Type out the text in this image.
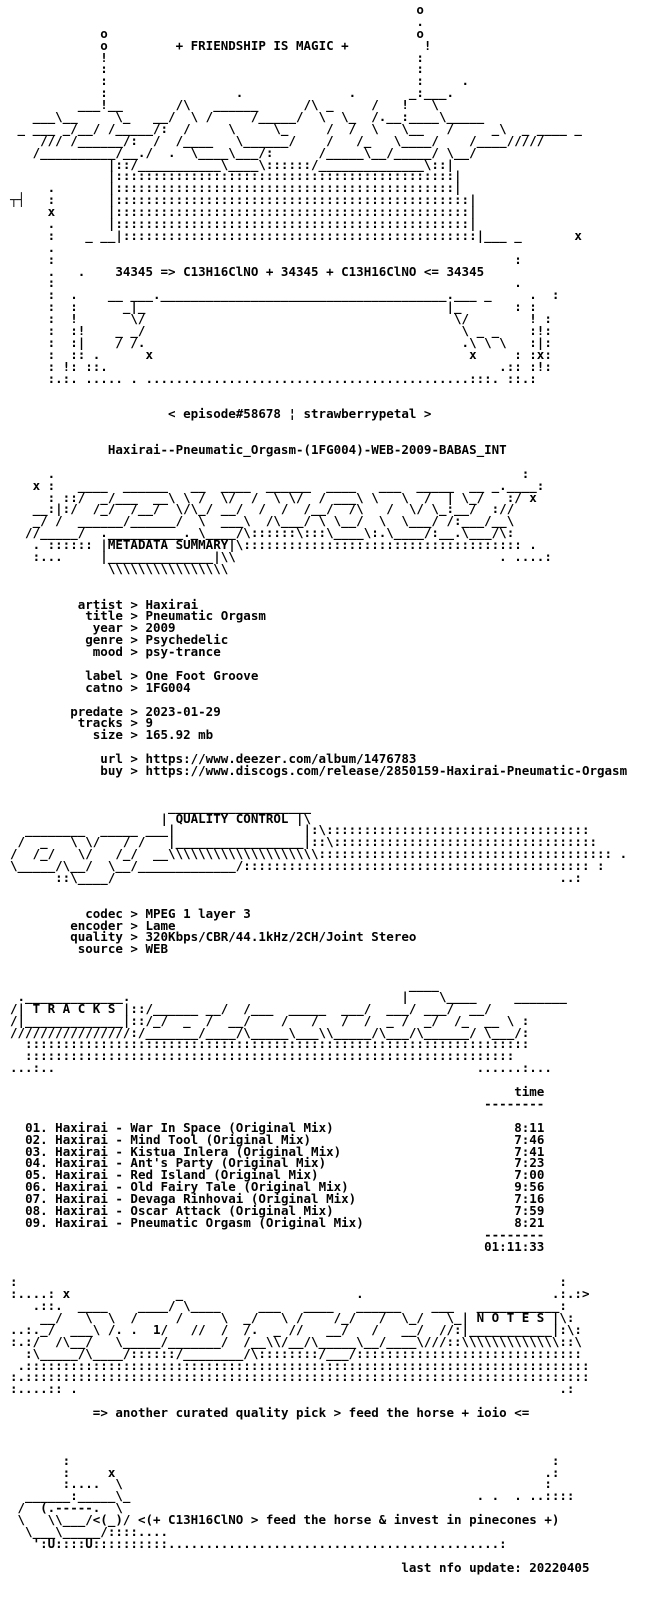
o
.
o                                         o
o         + FRIENDSHIP IS MAGIC +          !
!                                         :
:                                         :
:                                         :     .
:                 .              .       _:___.
___!__       /\   ______      /\ _     /   !   \
___\__     \_   __/  \ /     /_____/  \  \_  /.__:____\_____
_ ___ _/__/ /_____/:  /     \     \_     /  /  \   \__   /     _\  _ ____ _
/// /______/:  /  /____   \______/    /   /_   \____/    /____/////
/__________/__./  .  \____\___/:      /_____\__/_____/ \__/
|::/___________\____\::::::/______________\::|
|:::::::::::::::::::::::::::::::::::::::::::::|
.       |:::::::::::::::::::::::::::::::::::::::::::::|
┬┤   :       |:::::::::::::::::::::::::::::::::::::::::::::::|
x       |:::::::::::::::::::::::::::::::::::::::::::::::|
.       |:::::::::::::::::::::::::::::::::::::::::::::::|
:    _ __|:::::::::::::::::::::::::::::::::::::::::::::::|___ _       x
.
:                                                             :
.   .    34345 => C13H16ClNO + 34345 + C13H16ClNO <= 34345
:                                                             .
:  .    __ ___.______________________________________.___ _     .  :
:  :      _|_                                        |_       : :
:  !       \/                                         \/        ! :
:  :!    _ _/                                          \ _ _    :!:
:  :|    / /.                                          .\ \ \   :|:
:  :: .      x                                          x     : :x:
: !: ::.                                                    .:: :!:
:.:. ..... . ...........................................:::. ::.:

< episode#58678 ¦ strawberrypetal >

Haxirai--Pneumatic_Orgasm-(1FG004)-WEB-2009-BABAS_INT

.                                                              :
x :   ____  ______   __  ____  ______  ____   ___  _____  __ _.____:
: ::/  _/___  __\ \ /  \/  /  \ \/  / ___\ \   \  /  | \_/   :/ x
__:|:/  /_/  /__/  \/\_/ __/  /  /  /__/  /\   /  \/ \_:__/  ://
_/ /  ______/______/  \  ___\  /\___/ \ \__/  \  \___/ /:___/__\
//_____/  .__________._\____/\::::::\:::\____\:.\____/:__.\___/\:
. :::::: |METADATA SUMMARY|\::::::::::::::::::::::::::::::::::::: .
:...     |______________|\\                                   . ....:
\\\\\\\\\\\\\\\\

artist > Haxirai
title > Pneumatic Orgasm
year > 2009
genre > Psychedelic
mood > psy-trance

label > One Foot Groove
catno > 1FG004

predate > 2023-01-29
tracks > 9
size > 165.92 mb

url > https://www.deezer.com/album/1476783
buy > https://www.discogs.com/release/2850159-Haxirai-Pneumatic-Orgasm

___________________
| QUALITY CONTROL |\
________  _____ ___|                 |:\:::::::::::::::::::::::::::::::::::
/  _   \ \/   / /   |_________________|::\:::::::::::::::::::::::::::::::::::
/  /_/   \/   /_/  __\\\\\\\\\\\\\\\\\\\\::::::::::::::::::::::::::::::::::::::: .
\_____/\__/  \__/_____________/:::::::::::::::::::::::::::::::::::::::::::::: :
::\____/                                                           ..:

codec > MPEG 1 layer 3
encoder > Lame
quality > 320Kbps/CBR/44.1kHz/2CH/Joint Stereo
source > WEB

____
._____________.                                    |    \____     _______
/| T R A C K S |::/______ __/  /___  _____  ___/  ___/ ___/  __/
/|_____________|::/_/  _  /  __/    /   /   /  /  _ /  _/  /_  __ \ :
////////////////:/_______/____/\_____\___\\_____/\___/\______/ \___/:
:::::::::::::::::::::::::::::::::::::::::::::::::::::::::::::::::::
:::::::::::::::::::::::::::::::::::::::::::::::::::::::::::::::::
...:..                                                        ......:...

time
--------

01. Haxirai - War In Space (Original Mix)	8:11
02. Haxirai - Mind Tool (Original Mix)	7:46
03. Haxirai - Kistua Inlera (Original Mix)	7:41
04. Haxirai - Ant's Party (Original Mix)	7:23
05. Haxirai - Red Island (Original Mix)	7:00
06. Haxirai - Old Fairy Tale (Original Mix)	9:56
07. Haxirai - Devaga Rinhovai (Original Mix)	7:16
08. Haxirai - Oscar Attack (Original Mix)	7:59
09. Haxirai - Pneumatic Orgasm (Original Mix)	8:21
--------
01:11:33

:                                                                        :
:....: x              _                       .                         .:.:>
.::.  ____    ____/ \____     ___   ____   ______    ___   ___________:
__/   \  \  /     /     \  _/   \ /    /_/   /  \_/   \_| N O T E S |\:
..:._/  ___\ /. .  1/   //  /  /.  _ //   __/   /   __/  //:|___________|:\:
:.:/  /\__/   \_____/_______/  /__\\/__/\_____\__/____\///::\\\\\\\\\\\\\::\
:\_____/\____/::::::/________/\::::::::/___/::::::::::::::::::::::::::::::
.:::::::::::::::::::::::::::::::::::::::::::::::::::::::::::::::::::::::::::
:.:::::::::::::::::::::::::::::::::::::::::::::::::::::::::::::::::::::::::::
:....:: .                                                                .:

=> another curated quality pick > feed the horse + ioio <=

:                                                                :
:     x                                                         .:
:....  \                                                        :
______:_____\_                                              . .  . ..::::
/  (.-----.  \
\   \\___/<(_)/ <(+ C13H16ClNO > feed the horse & invest in pinecones +)
\___\_____/::::....
':U::::U::::::::::............................................:

last nfo update: 20220405
